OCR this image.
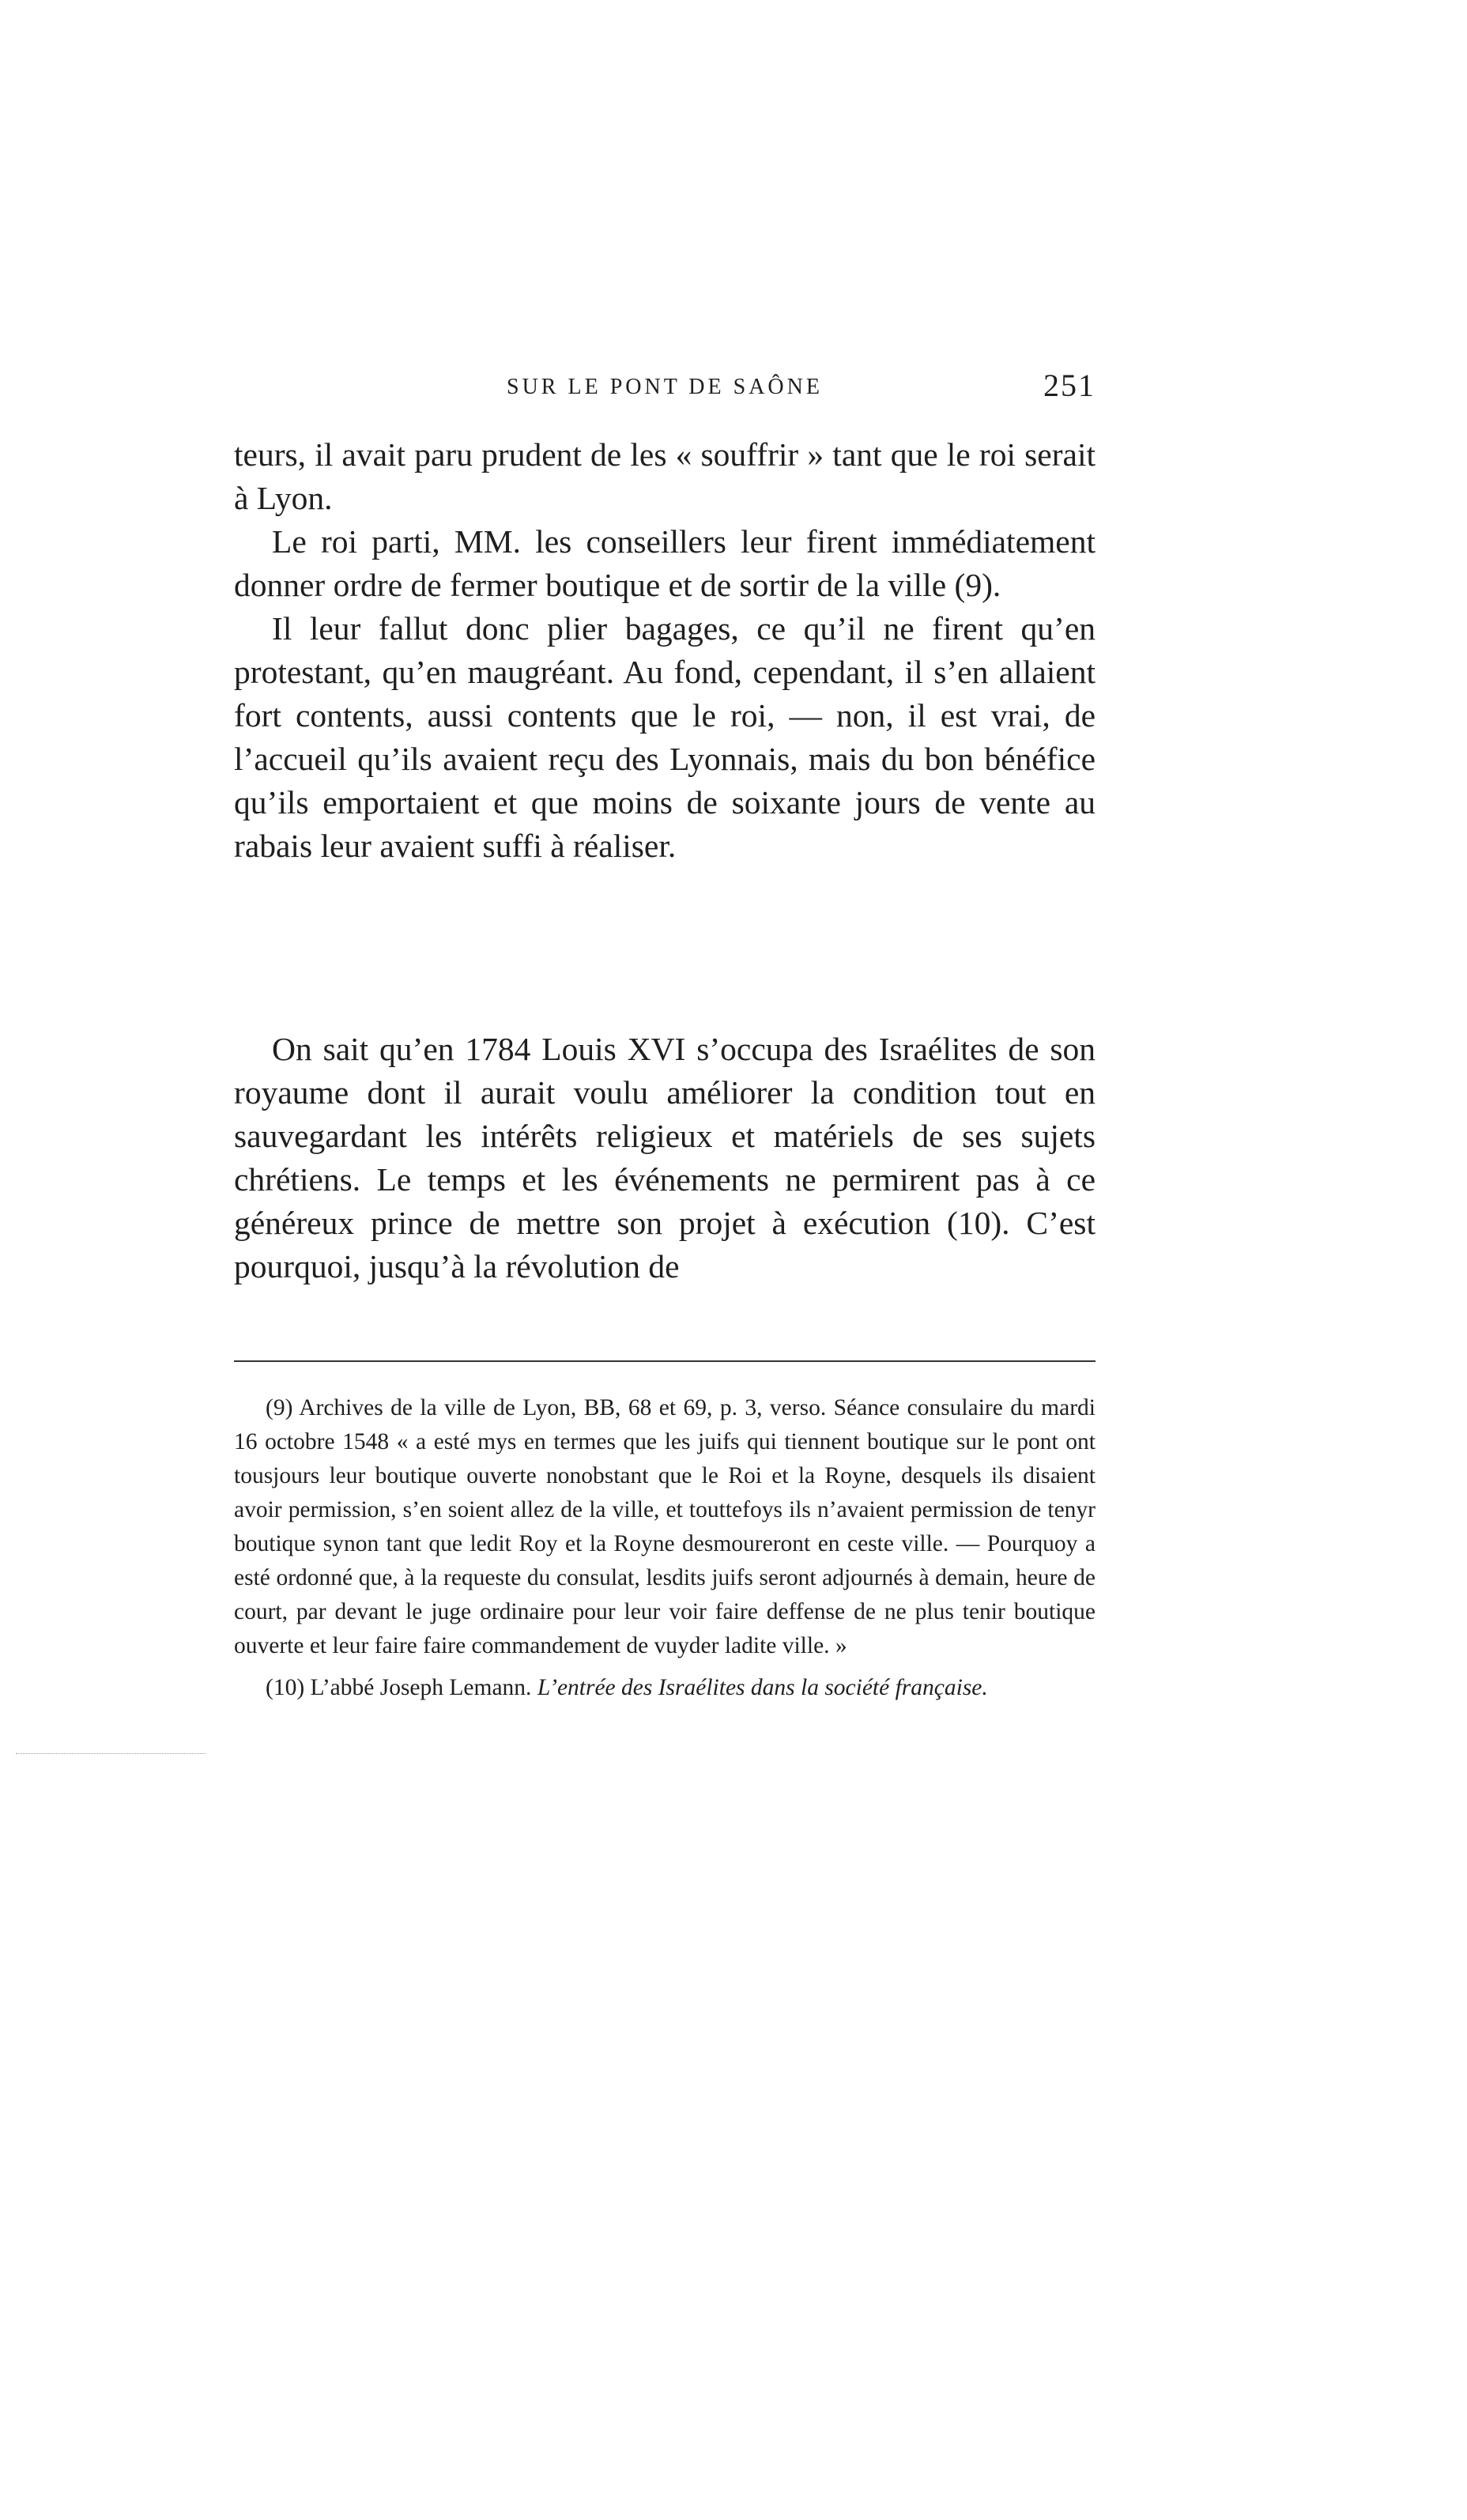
SUR LE PONT DE SAÔNE	251

teurs, il avait paru prudent de les « souffrir » tant que le roi serait à Lyon.

Le roi parti, MM. les conseillers leur firent immédiatement donner ordre de fermer boutique et de sortir de la ville (9).

Il leur fallut donc plier bagages, ce qu’il ne firent qu’en protestant, qu’en maugréant. Au fond, cependant, il s’en allaient fort contents, aussi contents que le roi, — non, il est vrai, de l’accueil qu’ils avaient reçu des Lyonnais, mais du bon bénéfice qu’ils emportaient et que moins de soixante jours de vente au rabais leur avaient suffi à réaliser.

On sait qu’en 1784 Louis XVI s’occupa des Israélites de son royaume dont il aurait voulu améliorer la condition tout en sauvegardant les intérêts religieux et matériels de ses sujets chrétiens. Le temps et les événements ne permirent pas à ce généreux prince de mettre son projet à exécution (10). C’est pourquoi, jusqu’à la révolution de

(9) Archives de la ville de Lyon, BB, 68 et 69, p. 3, verso. Séance consulaire du mardi 16 octobre 1548 « a esté mys en termes que les juifs qui tiennent boutique sur le pont ont tousjours leur boutique ouverte nonobstant que le Roi et la Royne, desquels ils disaient avoir permission, s’en soient allez de la ville, et touttefoys ils n’avaient permission de tenyr boutique synon tant que ledit Roy et la Royne desmoureront en ceste ville. — Pourquoy a esté ordonné que, à la requeste du consulat, lesdits juifs seront adjournés à demain, heure de court, par devant le juge ordinaire pour leur voir faire deffense de ne plus tenir boutique ouverte et leur faire faire commandement de vuyder ladite ville. »

(10) L’abbé Joseph Lemann. L’entrée des Israélites dans la société française.
